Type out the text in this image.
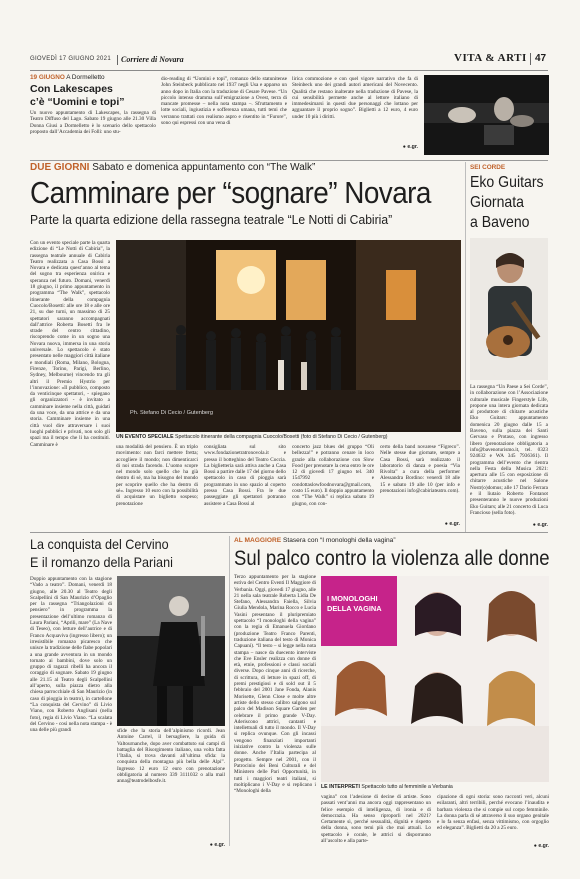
GIOVEDÌ 17 GIUGNO 2021 Corriere di Novara	VITA & ARTI 47
19 GIUGNO A Dormelletto
Con Lakescapes
c’è “Uomini e topi”
Un nuovo appuntamento di Lakescapes, la rassegna di Teatro Diffuso del Lago. Sabato 19 giugno alle 21.30 Villa Donna Giusi a Dormelletto è lo scenario dello spettacolo proposto dall’Accademia dei Folli: uno stu-
dio-reading di “Uomini e topi”, romanzo dello statunitense John Steinbeck pubblicato nel 1937 negli Usa e apparso un anno dopo in Italia con la traduzione di Cesare Pavese. “Un piccolo intenso dramma sull’emigrazione a Ovest, terra di mancate promesse – nella nota stampa –. Sfruttamento e lotte sociali, ingiustizia e sofferenza umana, tutti temi che verranno trattati con realismo aspro e risentito in “Furore”, sono qui espressi con una vena di
lirica commozione e con quel vigore narrativo che fa di Steinbeck uno dei grandi autori americani del Novecento. Qualità che restano inalterate nella traduzione di Pavese, la cui sensibilità permette anche al lettore italiano di immedesimarsi in questi due personaggi che lottano per agguantare il proprio sogno”. Biglietti a 12 euro, 4 euro under 10 più i diritti.
● e.gr.
DUE GIORNI Sabato e domenica appuntamento con “The Walk”
Camminare per “sognare” Novara
Parte la quarta edizione della rassegna teatrale “Le Notti di Cabiria”
Con un evento speciale parte la quarta edizione di “Le Notti di Cabiria”, la rassegna teatrale annuale di Cabiria Teatro realizzata a Casa Bossi a Novara e dedicata quest’anno al tema del sogno tra esperienza onirica e speranza nel futuro. Domani, venerdì 18 giugno, il primo appuntamento in programma “The Walk”, spettacolo itinerante della compagnia Cuocolo/Bosetti: alle ore 18 e alle ore 21, su due turni, un massimo di 25 spettatori saranno accompagnati dall’attrice Roberta Bosetti fra le strade del centro cittadino, riscoprendo come in un sogno una Novara nuova, immersa in una storia universale. Lo spettacolo è stato presentato nelle maggiori città italiane e mondiali (Roma, Milano, Bologna, Firenze, Torino, Parigi, Berlino, Sydney, Melbourne) vincendo tra gli altri il Premio Hystrio per l’innovazione: «Il pubblico, composto da venticinque spettatori, - spiegano gli organizzatori - è invitato a camminare insieme nella città, guidati da una voce, da una attrice e da una storia. Camminare insieme in una città vuol dire attraversare i suoi luoghi pubblici e privati, non solo gli spazi ma il tempo che li ha costituiti. Camminare è
Ph. Stefano Di Cecio / Gutenberg
UN EVENTO SPECIALE Spettacolo itinerante della compagnia Cuocolo/Bosetti (foto di Stefano Di Cecio / Gutenberg)
una modalità del pensiero. È un triplo movimento: non farci mettere fretta; accogliere il mondo; non dimenticarci di noi strada facendo. L’uomo scopre nel mondo solo quello che ha già dentro di sé, ma ha bisogno del mondo per scoprire quello che ha dentro di sé». Ingresso 10 euro con la possibilità di acquistare un biglietto sospeso; prenotazione
consigliata sul sito www.fondazionetratronovola.it e presso il botteghino del Teatro Coccia. La biglietteria sarà attiva anche a Casa Bossi a partire dalle 17 del giorno dello spettacolo in caso di pioggia sarà programmato in uno spazio al coperto presso Casa Bossi. Fra le due passeggiate gli spettatori potranno assistere a Casa Bossi al
concerto jazz blues del gruppo “Oli bellezza!” e potranno cenare in loco grazie alla collaborazione con Slow Food (per prenotare la cena entro le ore 12 di giovedì 17 giugno tel. 340 1547992 e condottaslowfoodnovara@gmail.com, costo 15 euro). Il doppio appuntamento con “The Walk” si replica sabato 19 giugno, con con-
certo della band novarese “Figreco”. Nelle stesse due giornate, sempre a Casa Bossi, sarà realizzato il laboratorio di danza e poesia “Via Rivolta” a cura della performer Alessandra Bordino: venerdì 18 alle 15 e sabato 19 alle 10 (per info e prenotazioni info@cabiriateatro.com).
● e.gr.
SEI CORDE
Eko Guitars
Giornata
a Baveno
La rassegna “Un Paese a Sei Corde”, in collaborazione con l’Associazione culturale musicale Fingerstyle Life, propone una intera giornata dedicata al produttore di chitarre acustiche Eko Guitars: appuntamento domenica 20 giugno dalle 15 a Baveno, sulla piazza dei Santi Gervaso e Protaso, con ingresso libero (prenotazione obbligatoria a info@bavenoturismo.it, tel. 0323 924632 e WA 345 7936361). Il programma dell’evento che rientra nella Festa della Musica 2021: apertura alle 15 con esposizione di chitarre acustiche nel Salone Nostr(o)domus; alle 17 Dario Ferrara e il liutaio Roberto Fontanot presenteranno le nuove produzioni Eko Guitars; alle 21 concerto di Luca Francioso (sella foto).
● e.gr.
La conquista del Cervino
E il romanzo della Pariani
Doppio appuntamento con la stagione “Vado a teatro”. Domani, venerdì 18 giugno, alle 20.30 al Teatro degli Scalpellini di San Maurizio d’Opaglio per la rassegna “Triangolazioni di pensiero” in programma la presentazione dell’ultimo romanzo di Laura Pariani, “Aprili, mare” (La Nave di Teseo), con letture dell’autrice e di Franco Acquaviva (ingresso libero); un irresistibile romanzo picaresco che unisce la tradizione delle fiabe popolari a una grande avventura in un mondo tornato ai bambini, dove solo un gruppo di ragazzi ribelli ha ancora il coraggio di sognare. Sabato 19 giugno alle 21.15 al Teatro degli Scalpellini all’aperto, sulla piazza dietro alla chiesa parrocchiale di San Maurizio (in caso di pioggia in teatro), in cartellone “La conquista del Cervino” di Livio Viano, con Roberto Anglisani (nella foto), regia di Livio Viano. “La scalata del Cervino - così nella nota stampa - è una delle più grandi	sfide che la storia dell’alpinismo ricordi. Jean Antoine Carrel, il bersagliere, la guida di Valtournanche, dopo aver combattuto sui campi di battaglia del Risorgimento italiano, una volta fatta l’Italia, si trova davanti all’ultima sfida: la conquista della montagna più bella delle Alpi”. Ingresso 12 euro 12 euro con prenotazione obbligatoria al numero 339 3111032 o alla mail anna@teatrodelbosfe.it.
● e.gr.
AL MAGGIORE Stasera con “I monologhi della vagina”
Sul palco contro la violenza alle donne
Terzo appuntamento per la stagione estiva del Centro Eventi Il Maggiore di Verbania. Oggi, giovedì 17 giugno, alle 21 nella sala teatrale Roberta Lidia De Stefano, Alessandra Faiella, Silvia Giulia Mendola, Marina Rocco e Lucia Vasini presentano il pluripremiato spettacolo “I monologhi della vagina” con la regia di Emanuela Giordano (produzione Teatro Franco Parenti, traduzione italiana del testo di Monica Capuani). “Il testo – si legge nella nota stampa – nasce da duecento interviste che Eve Ensler realizza con donne di età, etnie, professioni e classi sociali diverse. Dopo cinque anni di ricerche, di scrittura, di letture in spazi off, di premi prestigiosi e di sold out il 5 febbraio del 2001 Jane Fonda, Alanis Morisette, Glenn Close e molte altre artiste dello stesso calibro salgono sul palco del Madison Square Garden per celebrare il primo grande V-Day. Aderiscono attrici, cantanti e intellettuali di tutto il mondo. Il V-Day si replica ovunque. Con gli incassi vengono finanziati importanti iniziative contro la violenza sulle donne. Anche l’Italia partecipa al progetto. Sempre nel 2001, con il Patrocinio dei Beni Culturali e del Ministero delle Pari Opportunità, in tutti i maggiori teatri italiani, si moltiplicano i V-Day e si replicano i “Monologhi della
I MONOLOGHI DELLA VAGINA
LE INTERPRETI Spettacolo tutto al femminile a Verbania
vagina” con l’adesione di decine di artiste. Sono passati vent’anni ma ancora oggi rappresentano un felice esempio di intelligenza, di ironia e di democrazia. Ha senso riproporli nel 2021? Certamente sì, perché sessualità, dignità e rispetto della donna, sono temi più che mai attuali. Lo spettacolo è corale, le attrici si disporranno all’ascolto e alla parte-
cipazione di ogni storia: sono racconti veri, alcuni esilaranti, altri terribili, perché evocano l’inaudita e barbara violenza che si compie sul corpo femminile. La donna parla di sé attraverso il suo organo genitale e lo fa senza enfasi, senza vittimismo, con orgoglio ed eleganza”. Biglietti da 20 a 25 euro.
● e.gr.
